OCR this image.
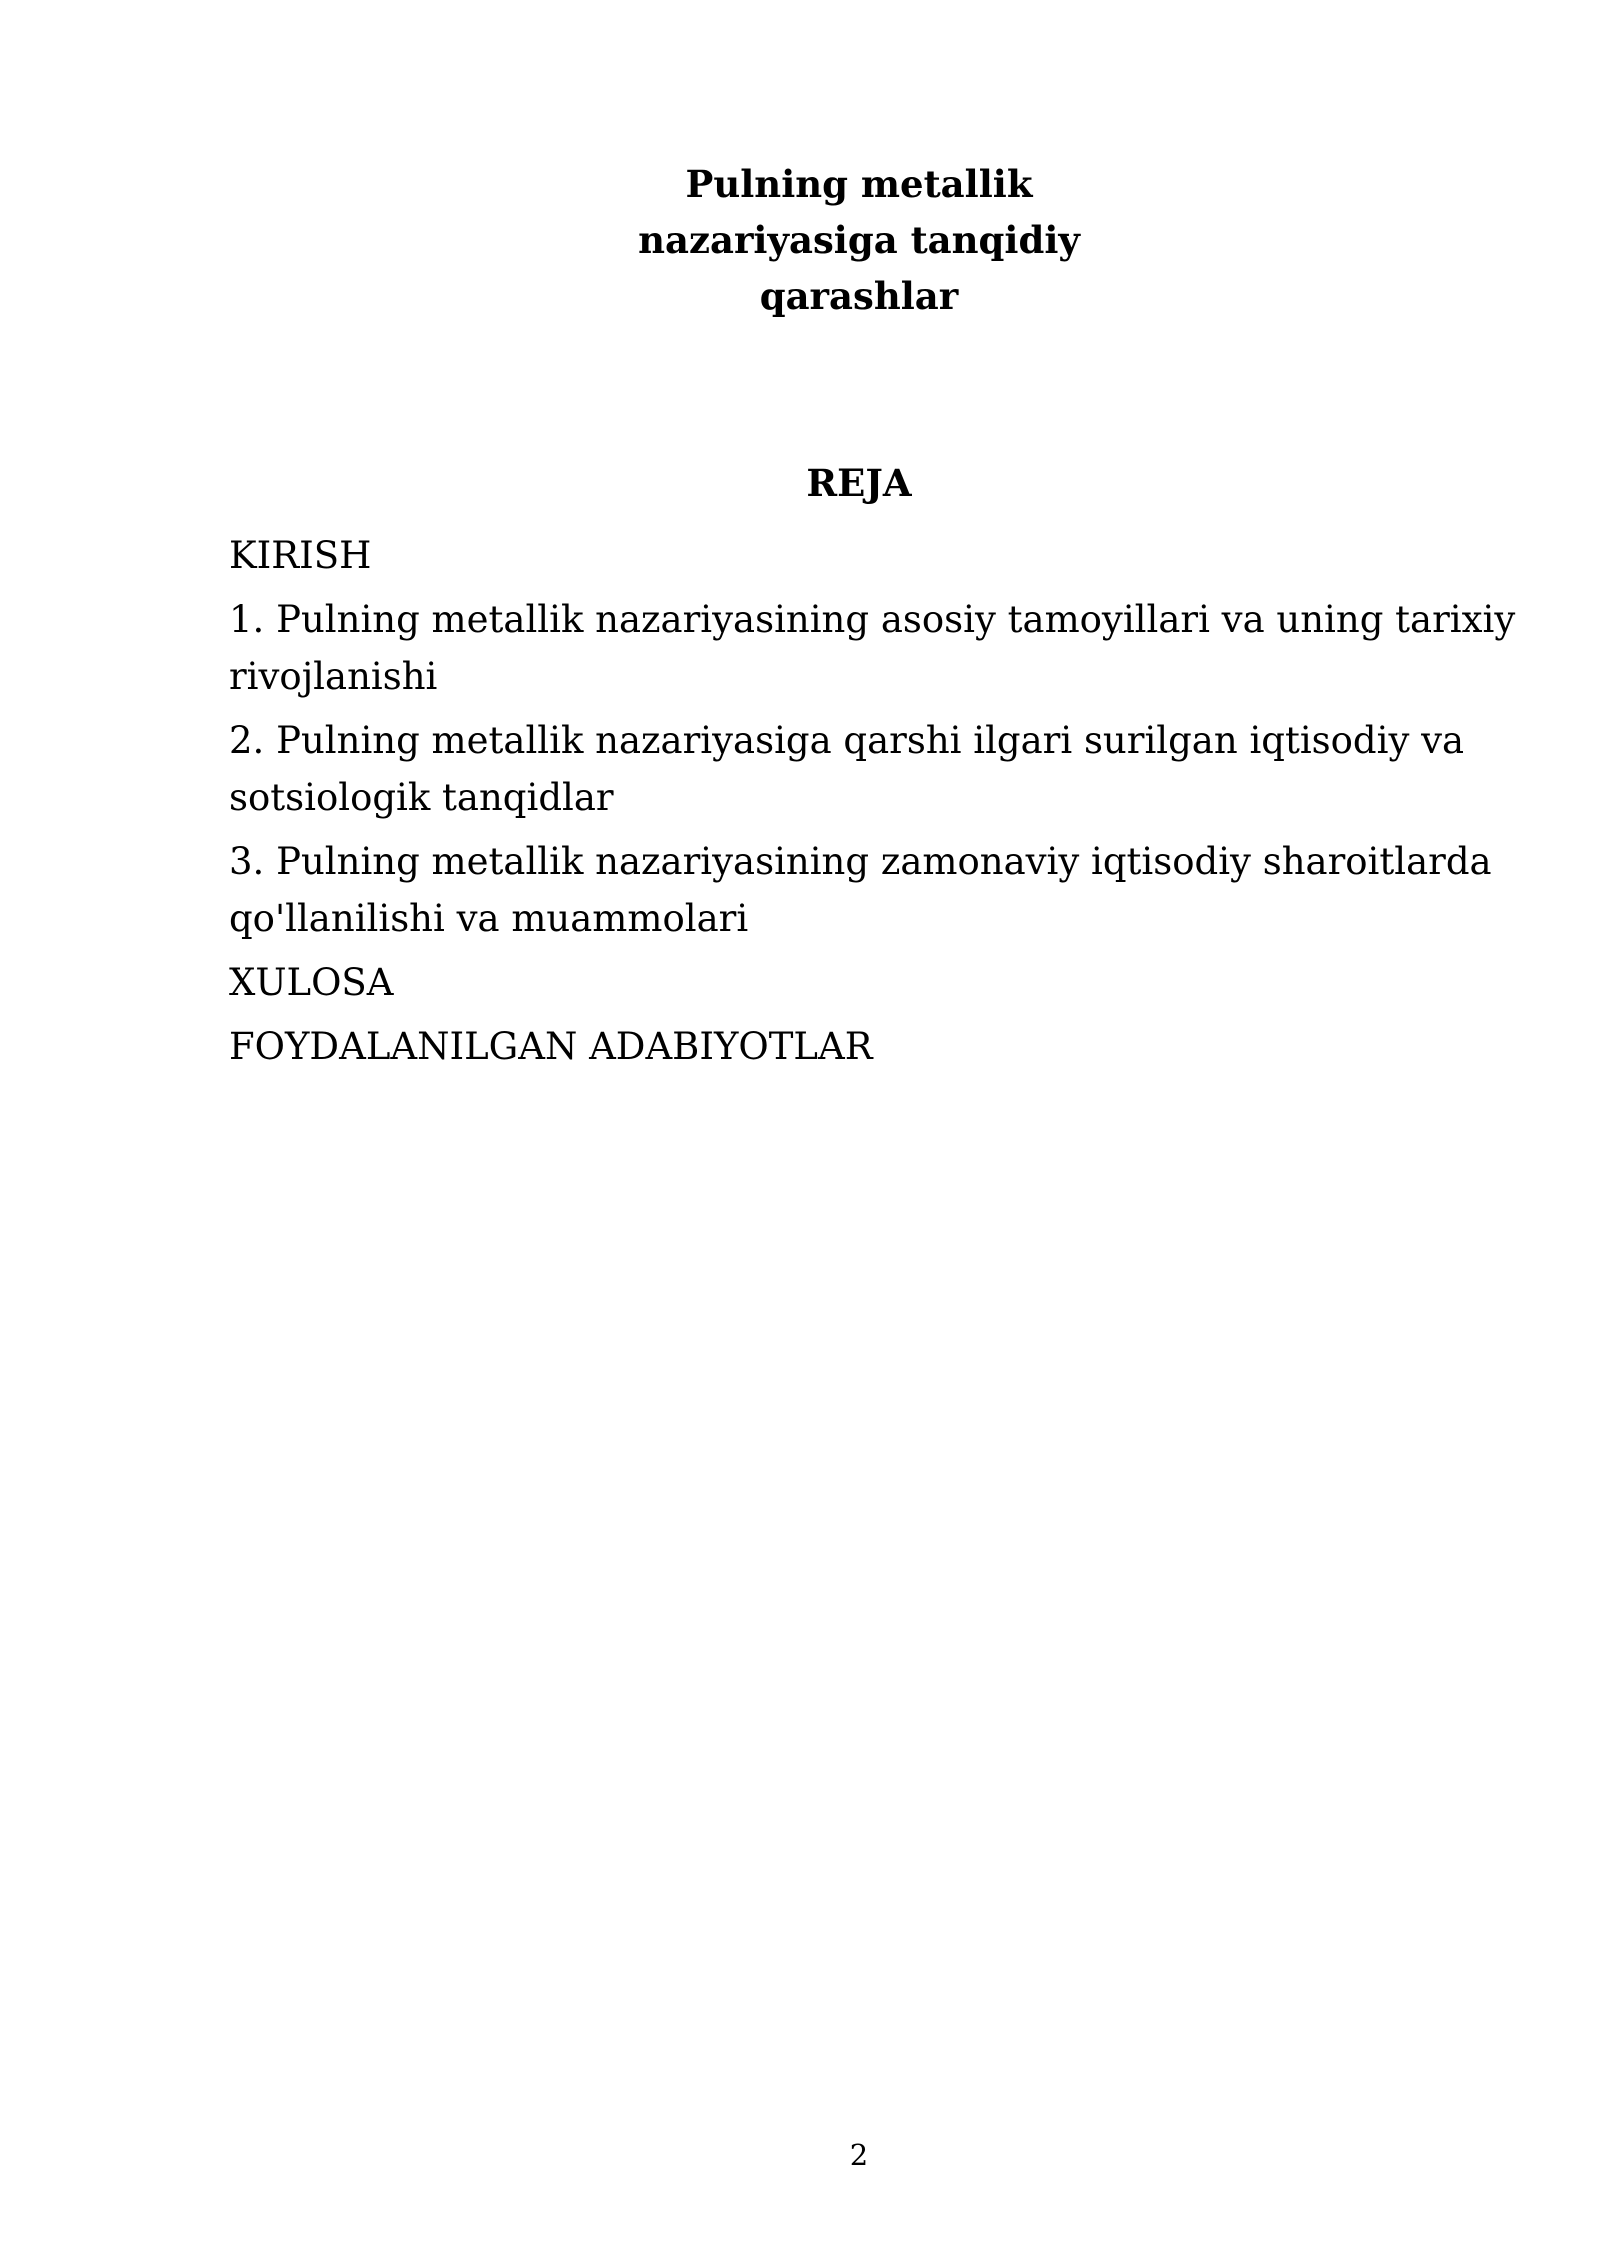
Pulning metallik
nazariyasiga tanqidiy
qarashlar
REJA
KIRISH
1. Pulning metallik nazariyasining asosiy tamoyillari va uning tarixiy rivojlanishi
2. Pulning metallik nazariyasiga qarshi ilgari surilgan iqtisodiy va sotsiologik tanqidlar
3. Pulning metallik nazariyasining zamonaviy iqtisodiy sharoitlarda qo'llanilishi va muammolari
XULOSA
FOYDALANILGAN ADABIYOTLAR
2
